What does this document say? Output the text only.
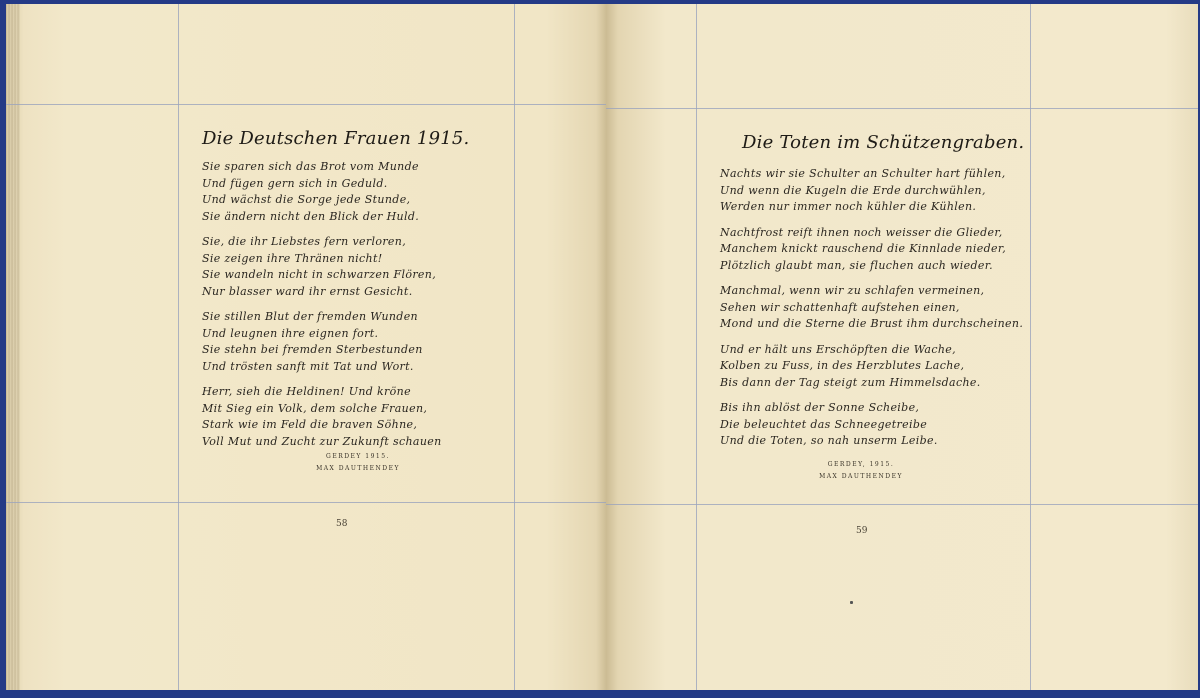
Die Deutschen Frauen 1915.
Sie sparen sich das Brot vom Munde
Und fügen gern sich in Geduld.
Und wächst die Sorge jede Stunde,
Sie ändern nicht den Blick der Huld.
Sie, die ihr Liebstes fern verloren,
Sie zeigen ihre Thränen nicht!
Sie wandeln nicht in schwarzen Flören,
Nur blasser ward ihr ernst Gesicht.
Sie stillen Blut der fremden Wunden
Und leugnen ihre eignen fort.
Sie stehn bei fremden Sterbestunden
Und trösten sanft mit Tat und Wort.
Herr, sieh die Heldinen! Und kröne
Mit Sieg ein Volk, dem solche Frauen,
Stark wie im Feld die braven Söhne,
Voll Mut und Zucht zur Zukunft schauen
GERDEY 1915.
MAX DAUTHENDEY
58
Die Toten im Schützengraben.
Nachts wir sie Schulter an Schulter hart fühlen,
Und wenn die Kugeln die Erde durchwühlen,
Werden nur immer noch kühler die Kühlen.
Nachtfrost reift ihnen noch weisser die Glieder,
Manchem knickt rauschend die Kinnlade nieder,
Plötzlich glaubt man, sie fluchen auch wieder.
Manchmal, wenn wir zu schlafen vermeinen,
Sehen wir schattenhaft aufstehen einen,
Mond und die Sterne die Brust ihm durchscheinen.
Und er hält uns Erschöpften die Wache,
Kolben zu Fuss, in des Herzblutes Lache,
Bis dann der Tag steigt zum Himmelsdache.
Bis ihn ablöst der Sonne Scheibe,
Die beleuchtet das Schneegetreibe
Und die Toten, so nah unserm Leibe.
GERDEY, 1915.
MAX DAUTHENDEY
59
